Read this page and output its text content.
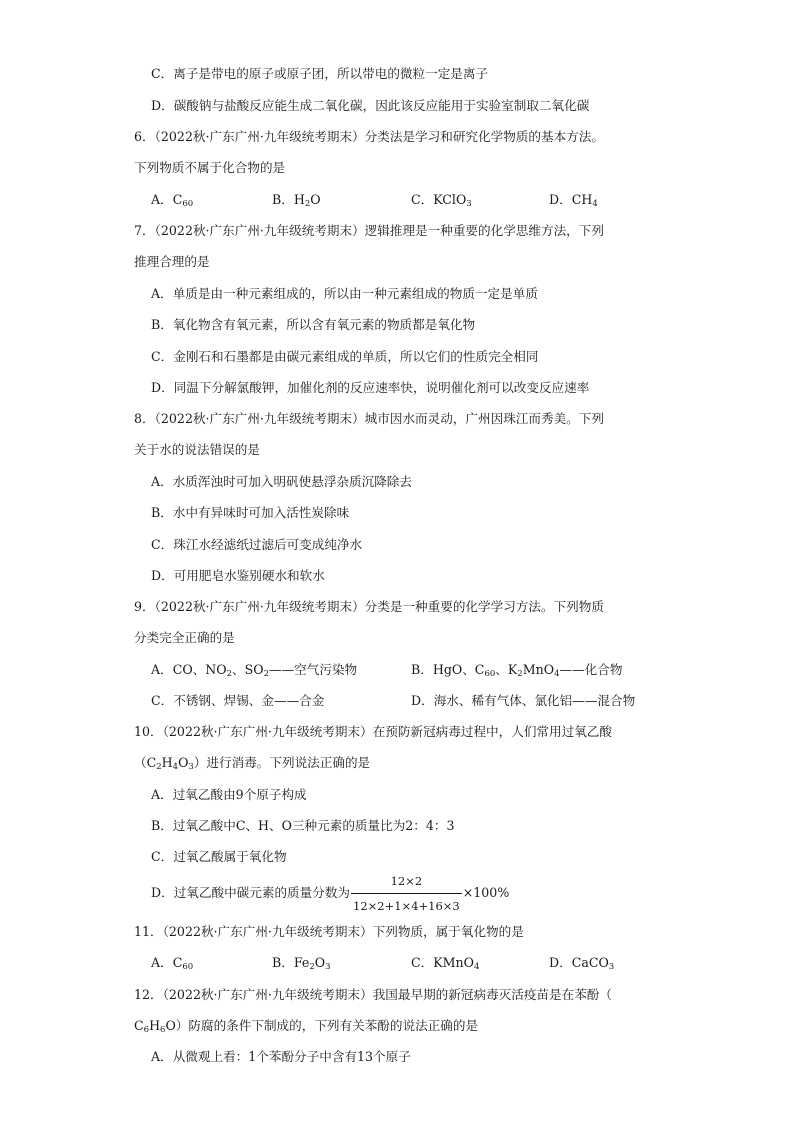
C．离子是带电的原子或原子团，所以带电的微粒一定是离子
D．碳酸钠与盐酸反应能生成二氧化碳，因此该反应能用于实验室制取二氧化碳
6．（2022秋·广东广州·九年级统考期末）分类法是学习和研究化学物质的基本方法。
下列物质不属于化合物的是
A．$C_{60}$	B．$H_2O$	C．KClO$_3$	D．$CH_4$
7．（2022秋·广东广州·九年级统考期末）逻辑推理是一种重要的化学思维方法，下列
推理合理的是
A．单质是由一种元素组成的，所以由一种元素组成的物质一定是单质
B．氧化物含有氧元素，所以含有氧元素的物质都是氧化物
C．金刚石和石墨都是由碳元素组成的单质，所以它们的性质完全相同
D．同温下分解氯酸钾，加催化剂的反应速率快，说明催化剂可以改变反应速率
8．（2022秋·广东广州·九年级统考期末）城市因水而灵动，广州因珠江而秀美。下列
关于水的说法错误的是
A．水质浑浊时可加入明矾使悬浮杂质沉降除去
B．水中有异味时可加入活性炭除味
C．珠江水经滤纸过滤后可变成纯净水
D．可用肥皂水鉴别硬水和软水
9．（2022秋·广东广州·九年级统考期末）分类是一种重要的化学学习方法。下列物质
分类完全正确的是
A．CO、$NO_2$、$SO_2——$空气污染物	B．HgO、$C_{60}$、$K_2MnO_4——$化合物
C．不锈钢、焊锡、金——合金	D．海水、稀有气体、氯化铝——混合物
10．（2022秋·广东广州·九年级统考期末）在预防新冠病毒过程中，人们常用过氧乙酸
$(C_2H_4O_3)$进行消毒。下列说法正确的是
A．过氧乙酸由9个原子构成
B．过氧乙酸中C、H、O三种元素的质量比为2：4：3
C．过氧乙酸属于氧化物
D．过氧乙酸中碳元素的质量分数为 $\frac{12\times 2}{12\times 2+1\times 4+16\times 3} \times 100\%$
11．（2022秋·广东广州·九年级统考期末）下列物质，属于氧化物的是
A．$C_{60}$	B．$Fe_2O_3$	C．KMnO$_4$	D．CaCO$_3$
12．（2022秋·广东广州·九年级统考期末）我国最早期的新冠病毒灭活疫苗是在苯酚（
$C_6H_6O$）防腐的条件下制成的，下列有关苯酚的说法正确的是
A．从微观上看：1个苯酚分子中含有13个原子
